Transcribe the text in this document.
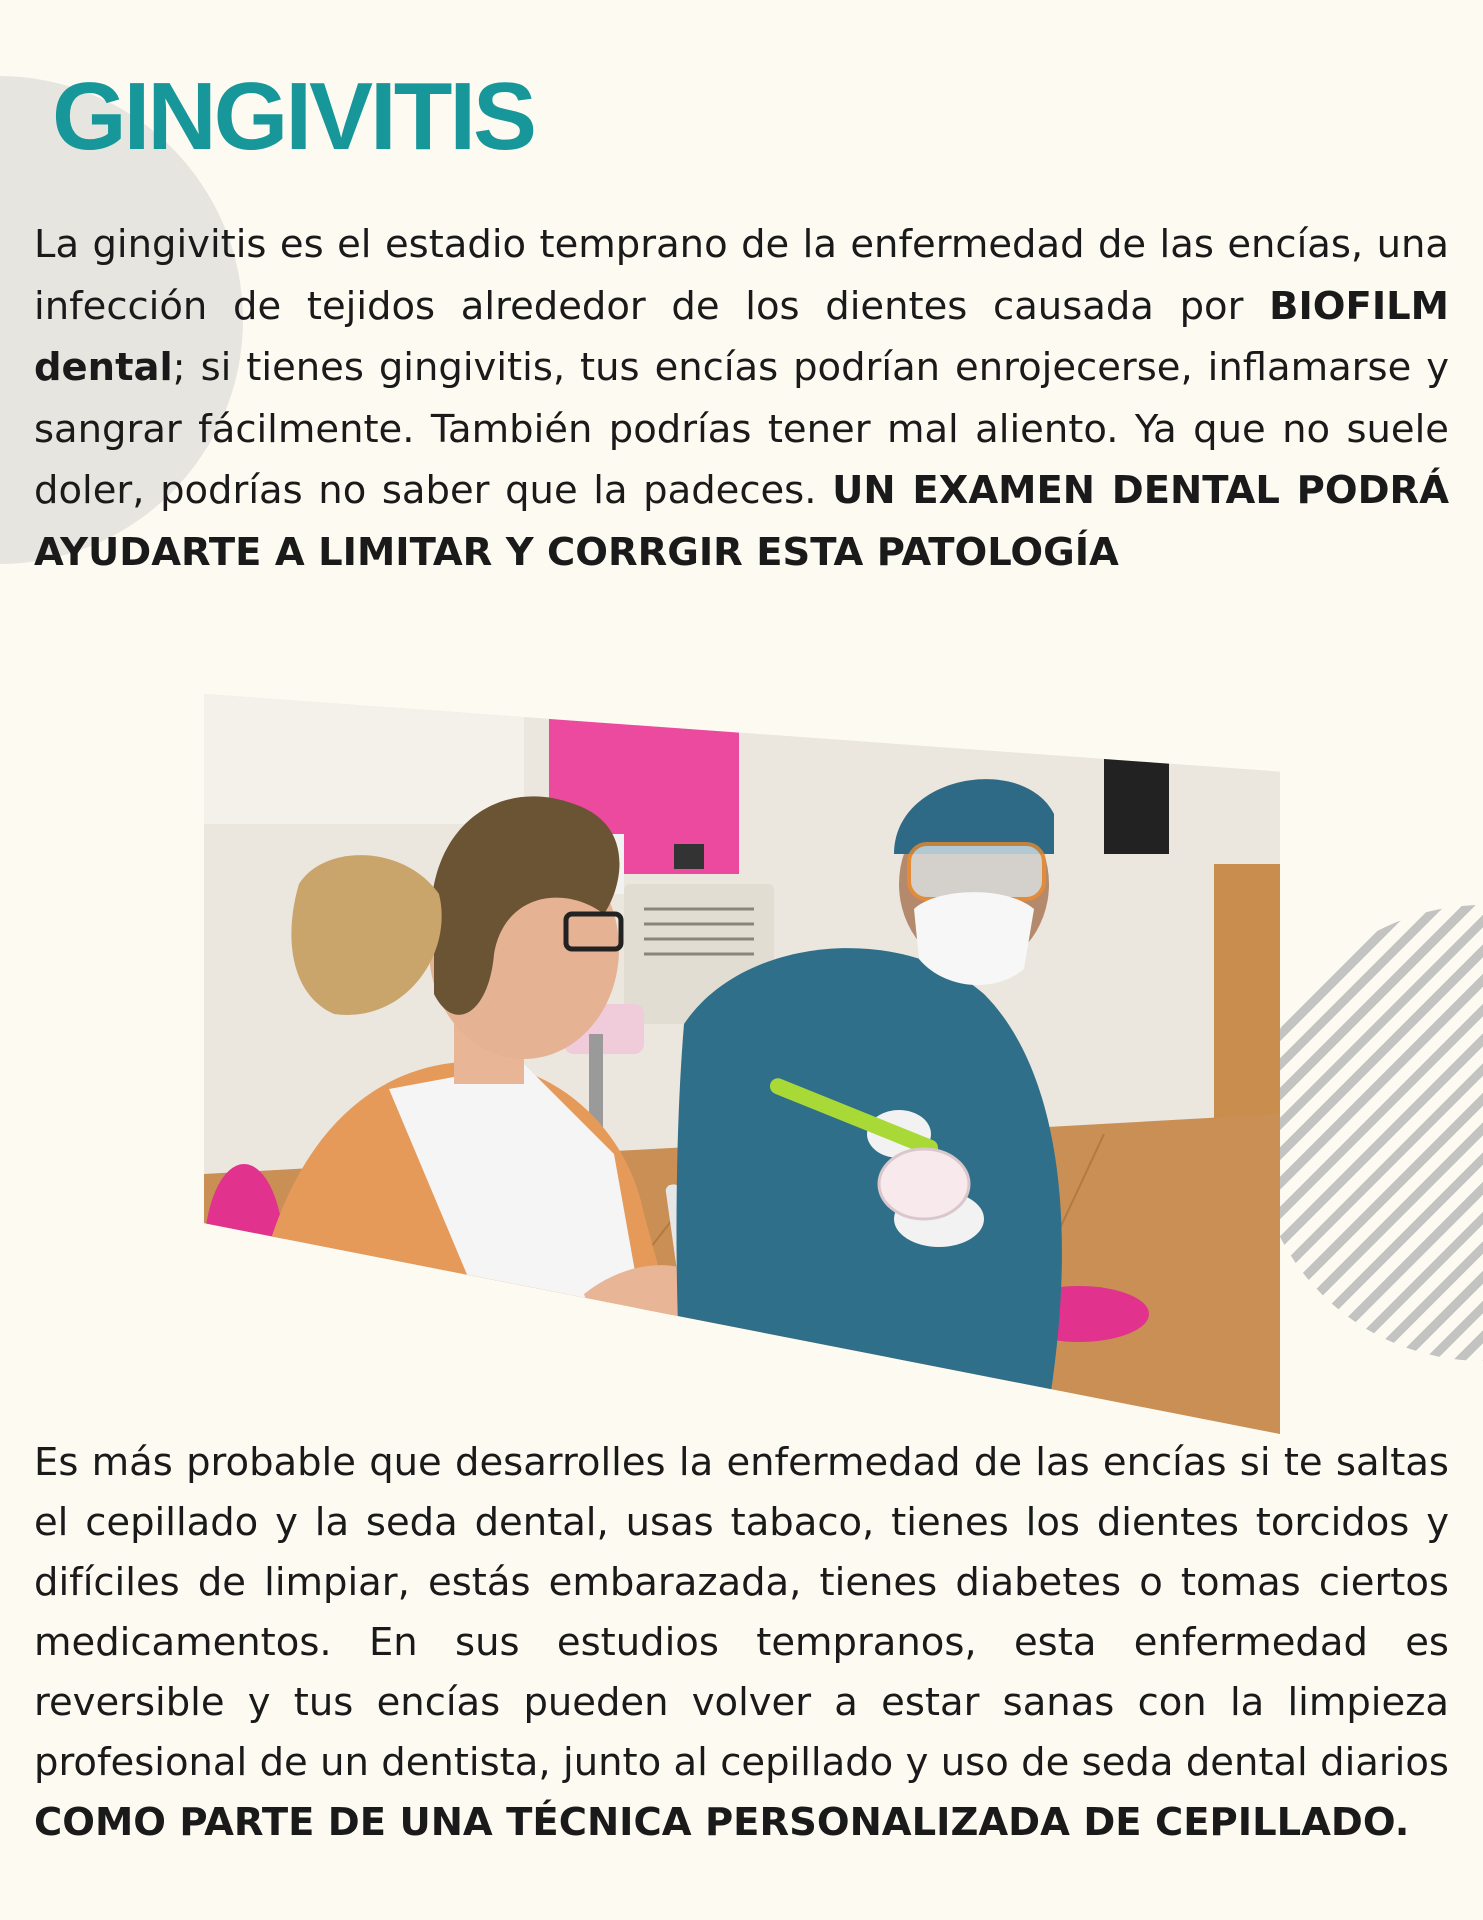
GINGIVITIS

La gingivitis es el estadio temprano de la enfermedad de las encías, una infección de tejidos alrededor de los dientes causada por BIOFILM dental; si tienes gingivitis, tus encías podrían enrojecerse, inflamarse y sangrar fácilmente. También podrías tener mal aliento. Ya que no suele doler, podrías no saber que la padeces. UN EXAMEN DENTAL PODRÁ AYUDARTE A LIMITAR Y CORRGIR ESTA PATOLOGÍA

Es más probable que desarrolles la enfermedad de las encías si te saltas el cepillado y la seda dental, usas tabaco, tienes los dientes torcidos y difíciles de limpiar, estás embarazada, tienes diabetes o tomas ciertos medicamentos. En sus estudios tempranos, esta enfermedad es reversible y tus encías pueden volver a estar sanas con la limpieza profesional de un dentista, junto al cepillado y uso de seda dental diarios COMO PARTE DE UNA TÉCNICA PERSONALIZADA DE CEPILLADO.
